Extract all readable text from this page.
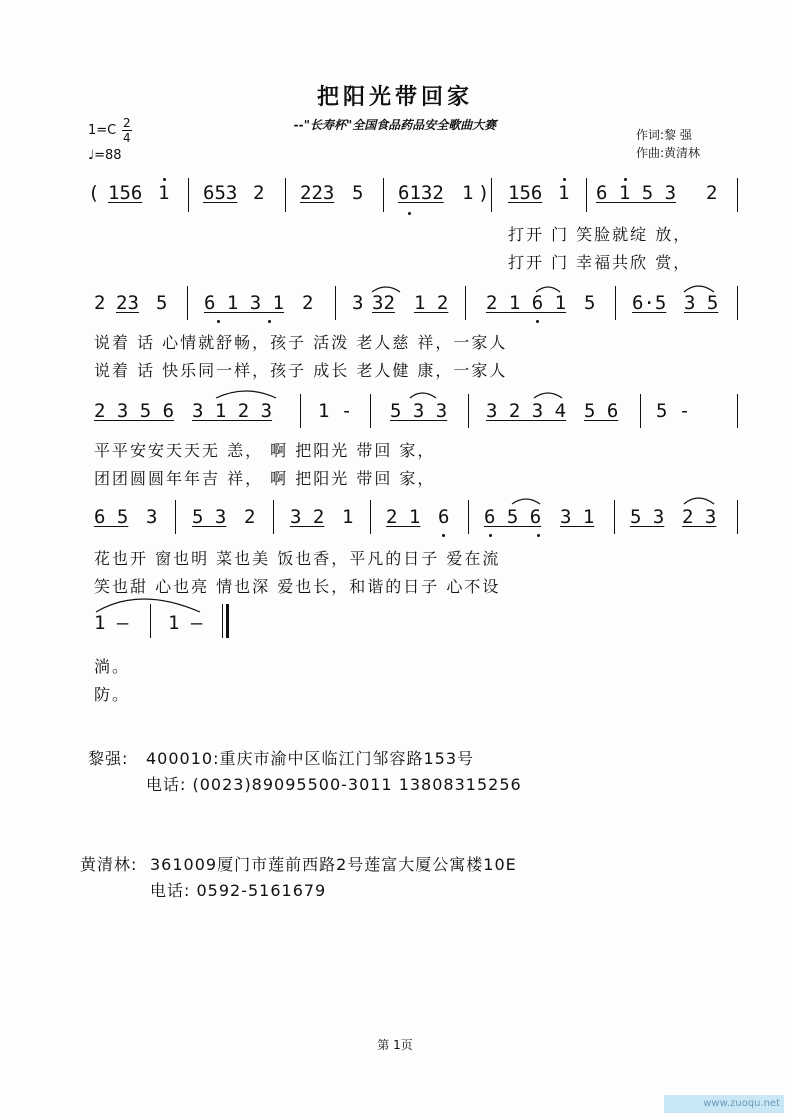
把阳光带回家
--"长寿杯"全国食品药品安全歌曲大赛
1=C 2
4
♩=88
作词:黎 强
作曲:黄清林
( 156 1 653 2 223 5 6132 1 ) 156 1 6 1 5 3 2
打开 门 笑脸就绽 放，
打开 门 幸福共欣 赏，
2 23 5 6 1 3 1 2 3 32 1 2 2 1 6 1 5 6·5 3 5
说着 话 心情就舒畅，孩子 活泼 老人慈 祥，一家人
说着 话 快乐同一样，孩子 成长 老人健 康，一家人
2 3 5 6 3 1 2 3 1 - 5 3 3 3 2 3 4 5 6 5 -
平平安安天天无 恙， 啊 把阳光 带回 家，
团团圆圆年年吉 祥， 啊 把阳光 带回 家，
6 5 3 5 3 2 3 2 1 2 1 6 6 5 6 3 1 5 3 2 3
花也开 窗也明 菜也美 饭也香，平凡的日子 爱在流
笑也甜 心也亮 情也深 爱也长，和谐的日子 心不设
1 — 1 —
淌。
防。
黎强: 400010:重庆市渝中区临江门邹容路153号
电话: (0023)89095500-3011 13808315256
黄清林: 361009厦门市莲前西路2号莲富大厦公寓楼10E
电话: 0592-5161679
第 1页
www.zuoqu.net
